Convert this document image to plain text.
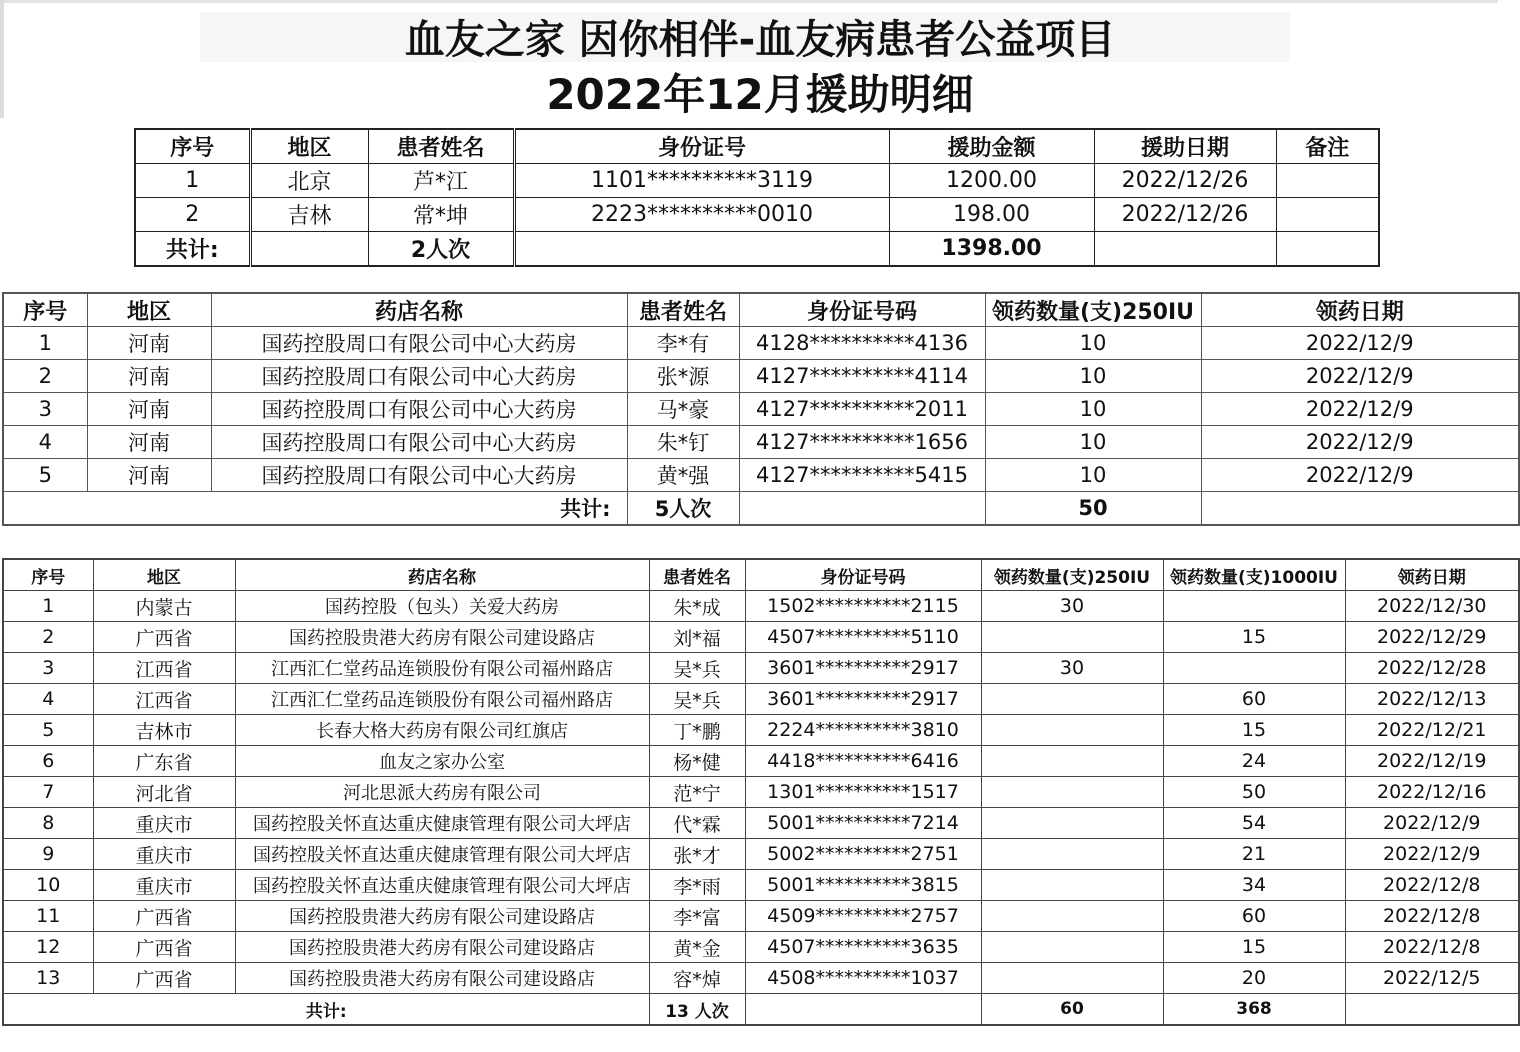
血友之家 因你相伴-血友病患者公益项目
2022年12月援助明细
序号	地区	患者姓名	身份证号	援助金额	援助日期	备注
1	北京	芦*江	1101**********3119	1200.00	2022/12/26	
2	吉林	常*坤	2223**********0010	198.00	2022/12/26	
共计:		2人次		1398.00		
序号	地区	药店名称	患者姓名	身份证号码	领药数量(支)250IU	领药日期
1	河南	国药控股周口有限公司中心大药房	李*有	4128**********4136	10	2022/12/9
2	河南	国药控股周口有限公司中心大药房	张*源	4127**********4114	10	2022/12/9
3	河南	国药控股周口有限公司中心大药房	马*豪	4127**********2011	10	2022/12/9
4	河南	国药控股周口有限公司中心大药房	朱*钉	4127**********1656	10	2022/12/9
5	河南	国药控股周口有限公司中心大药房	黄*强	4127**********5415	10	2022/12/9
共计:			5人次		50	
序号	地区	药店名称	患者姓名	身份证号码	领药数量(支)250IU	领药数量(支)1000IU	领药日期
1	内蒙古	国药控股（包头）关爱大药房	朱*成	1502**********2115	30		2022/12/30
2	广西省	国药控股贵港大药房有限公司建设路店	刘*福	4507**********5110		15	2022/12/29
3	江西省	江西汇仁堂药品连锁股份有限公司福州路店	吴*兵	3601**********2917	30		2022/12/28
4	江西省	江西汇仁堂药品连锁股份有限公司福州路店	吴*兵	3601**********2917		60	2022/12/13
5	吉林市	长春大格大药房有限公司红旗店	丁*鹏	2224**********3810		15	2022/12/21
6	广东省	血友之家办公室	杨*健	4418**********6416		24	2022/12/19
7	河北省	河北思派大药房有限公司	范*宁	1301**********1517		50	2022/12/16
8	重庆市	国药控股关怀直达重庆健康管理有限公司大坪店	代*霖	5001**********7214		54	2022/12/9
9	重庆市	国药控股关怀直达重庆健康管理有限公司大坪店	张*才	5002**********2751		21	2022/12/9
10	重庆市	国药控股关怀直达重庆健康管理有限公司大坪店	李*雨	5001**********3815		34	2022/12/8
11	广西省	国药控股贵港大药房有限公司建设路店	李*富	4509**********2757		60	2022/12/8
12	广西省	国药控股贵港大药房有限公司建设路店	黄*金	4507**********3635		15	2022/12/8
13	广西省	国药控股贵港大药房有限公司建设路店	容*焯	4508**********1037		20	2022/12/5
共计:			13 人次		60	368	
